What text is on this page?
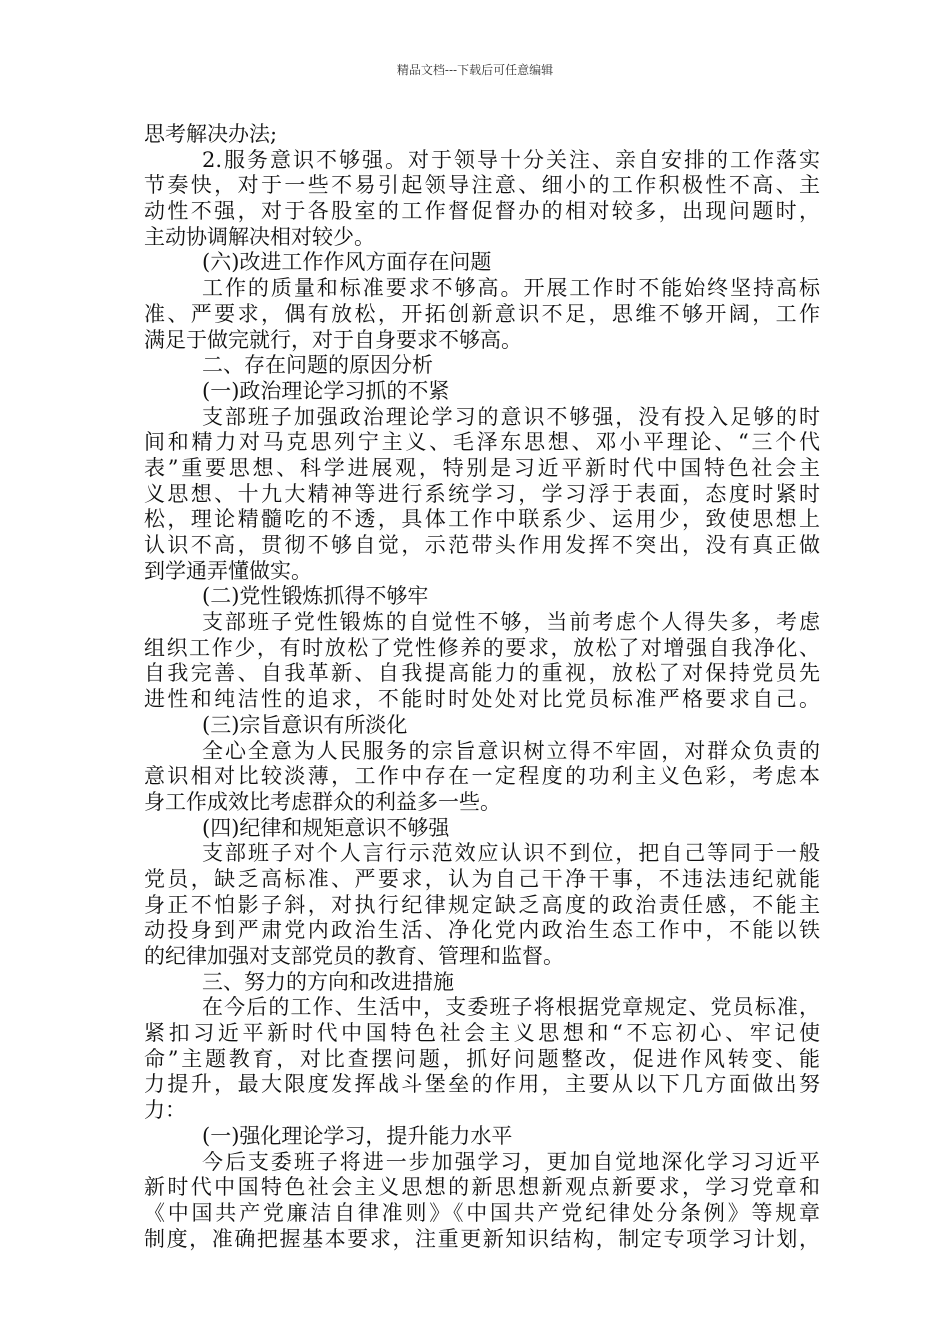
精品文档---下载后可任意编辑
思考解决办法;
2.服务意识不够强。对于领导十分关注、亲自安排的工作落实
节奏快，对于一些不易引起领导注意、细小的工作积极性不高、主
动性不强，对于各股室的工作督促督办的相对较多，出现问题时，
主动协调解决相对较少。
(六)改进工作作风方面存在问题
工作的质量和标准要求不够高。开展工作时不能始终坚持高标
准、严要求，偶有放松，开拓创新意识不足，思维不够开阔，工作
满足于做完就行，对于自身要求不够高。
二、存在问题的原因分析
(一)政治理论学习抓的不紧
支部班子加强政治理论学习的意识不够强，没有投入足够的时
间和精力对马克思列宁主义、毛泽东思想、邓小平理论、“三个代
表”重要思想、科学进展观，特别是习近平新时代中国特色社会主
义思想、十九大精神等进行系统学习，学习浮于表面，态度时紧时
松，理论精髓吃的不透，具体工作中联系少、运用少，致使思想上
认识不高，贯彻不够自觉，示范带头作用发挥不突出，没有真正做
到学通弄懂做实。
(二)党性锻炼抓得不够牢
支部班子党性锻炼的自觉性不够，当前考虑个人得失多，考虑
组织工作少，有时放松了党性修养的要求，放松了对增强自我净化、
自我完善、自我革新、自我提高能力的重视，放松了对保持党员先
进性和纯洁性的追求，不能时时处处对比党员标准严格要求自己。
(三)宗旨意识有所淡化
全心全意为人民服务的宗旨意识树立得不牢固，对群众负责的
意识相对比较淡薄，工作中存在一定程度的功利主义色彩，考虑本
身工作成效比考虑群众的利益多一些。
(四)纪律和规矩意识不够强
支部班子对个人言行示范效应认识不到位，把自己等同于一般
党员，缺乏高标准、严要求，认为自己干净干事，不违法违纪就能
身正不怕影子斜，对执行纪律规定缺乏高度的政治责任感，不能主
动投身到严肃党内政治生活、净化党内政治生态工作中，不能以铁
的纪律加强对支部党员的教育、管理和监督。
三、努力的方向和改进措施
在今后的工作、生活中，支委班子将根据党章规定、党员标准，
紧扣习近平新时代中国特色社会主义思想和“不忘初心、牢记使
命”主题教育，对比查摆问题，抓好问题整改，促进作风转变、能
力提升，最大限度发挥战斗堡垒的作用，主要从以下几方面做出努
力：
(一)强化理论学习，提升能力水平
今后支委班子将进一步加强学习，更加自觉地深化学习习近平
新时代中国特色社会主义思想的新思想新观点新要求，学习党章和
《中国共产党廉洁自律准则》《中国共产党纪律处分条例》等规章
制度，准确把握基本要求，注重更新知识结构，制定专项学习计划，
